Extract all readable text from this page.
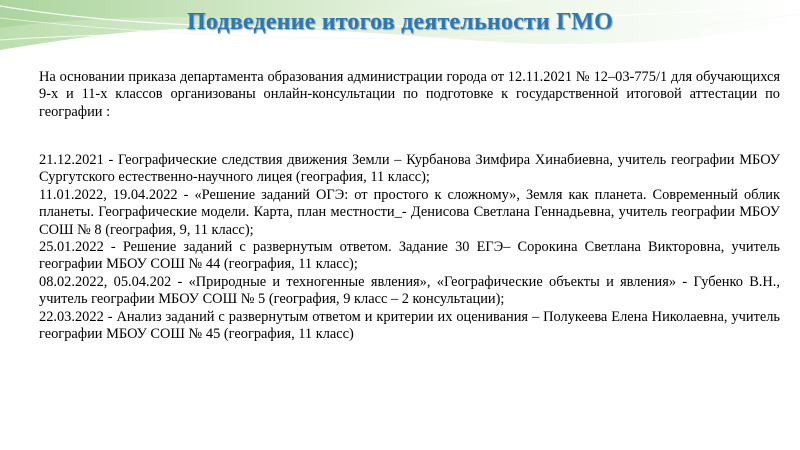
Подведение итогов деятельности ГМО

На основании приказа департамента образования администрации города от 12.11.2021 № 12–03-775/1 для обучающихся 9-х и 11-х классов организованы онлайн-консультации по подготовке к государственной итоговой аттестации по географии :

21.12.2021 - Географические следствия движения Земли – Курбанова Зимфира Хинабиевна, учитель географии МБОУ Сургутского естественно-научного лицея (география, 11 класс);
11.01.2022, 19.04.2022 - «Решение заданий ОГЭ: от простого к сложному», Земля как планета. Современный облик планеты. Географические модели. Карта, план местности_- Денисова Светлана Геннадьевна, учитель географии МБОУ СОШ № 8 (география, 9, 11 класс);
25.01.2022 - Решение заданий с развернутым ответом. Задание 30 ЕГЭ– Сорокина Светлана Викторовна, учитель географии МБОУ СОШ № 44 (география, 11 класс);
08.02.2022, 05.04.202 - «Природные и техногенные явления», «Географические объекты и явления» - Губенко В.Н., учитель географии МБОУ СОШ № 5 (география, 9 класс – 2 консультации);
22.03.2022 - Анализ заданий с развернутым ответом и критерии их оценивания – Полукеева Елена Николаевна, учитель географии МБОУ СОШ № 45 (география, 11 класс)
